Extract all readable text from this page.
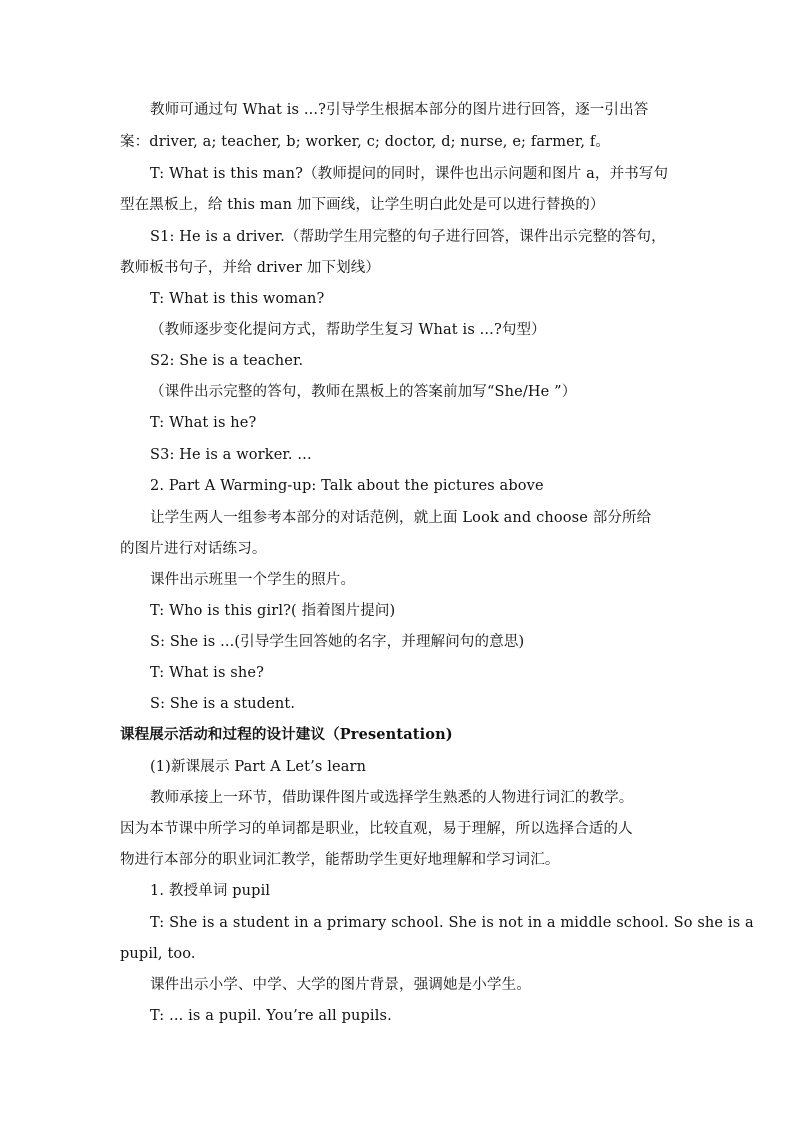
教师可通过句 What is ...?引导学生根据本部分的图片进行回答，逐一引出答
案：driver, a; teacher, b; worker, c; doctor, d; nurse, e; farmer, f。
T: What is this man?（教师提问的同时，课件也出示问题和图片 a，并书写句
型在黑板上，给 this man 加下画线，让学生明白此处是可以进行替换的）
S1: He is a driver.（帮助学生用完整的句子进行回答，课件出示完整的答句，
教师板书句子，并给 driver 加下划线）
T: What is this woman?
（教师逐步变化提问方式，帮助学生复习 What is ...?句型）
S2: She is a teacher.
（课件出示完整的答句，教师在黑板上的答案前加写“She/He ”）
T: What is he?
S3: He is a worker. ...
2. Part A Warming-up: Talk about the pictures above
让学生两人一组参考本部分的对话范例，就上面 Look and choose 部分所给
的图片进行对话练习。
课件出示班里一个学生的照片。
T: Who is this girl?( 指着图片提问)
S: She is ...(引导学生回答她的名字，并理解问句的意思)
T: What is she?
S: She is a student.
课程展示活动和过程的设计建议（Presentation)
(1)新课展示 Part A Let’s learn
教师承接上一环节，借助课件图片或选择学生熟悉的人物进行词汇的教学。
因为本节课中所学习的单词都是职业，比较直观，易于理解，所以选择合适的人
物进行本部分的职业词汇教学，能帮助学生更好地理解和学习词汇。
1. 教授单词 pupil
T: She is a student in a primary school. She is not in a middle school. So she is a
pupil, too.
课件出示小学、中学、大学的图片背景，强调她是小学生。
T: ... is a pupil. You’re all pupils.
